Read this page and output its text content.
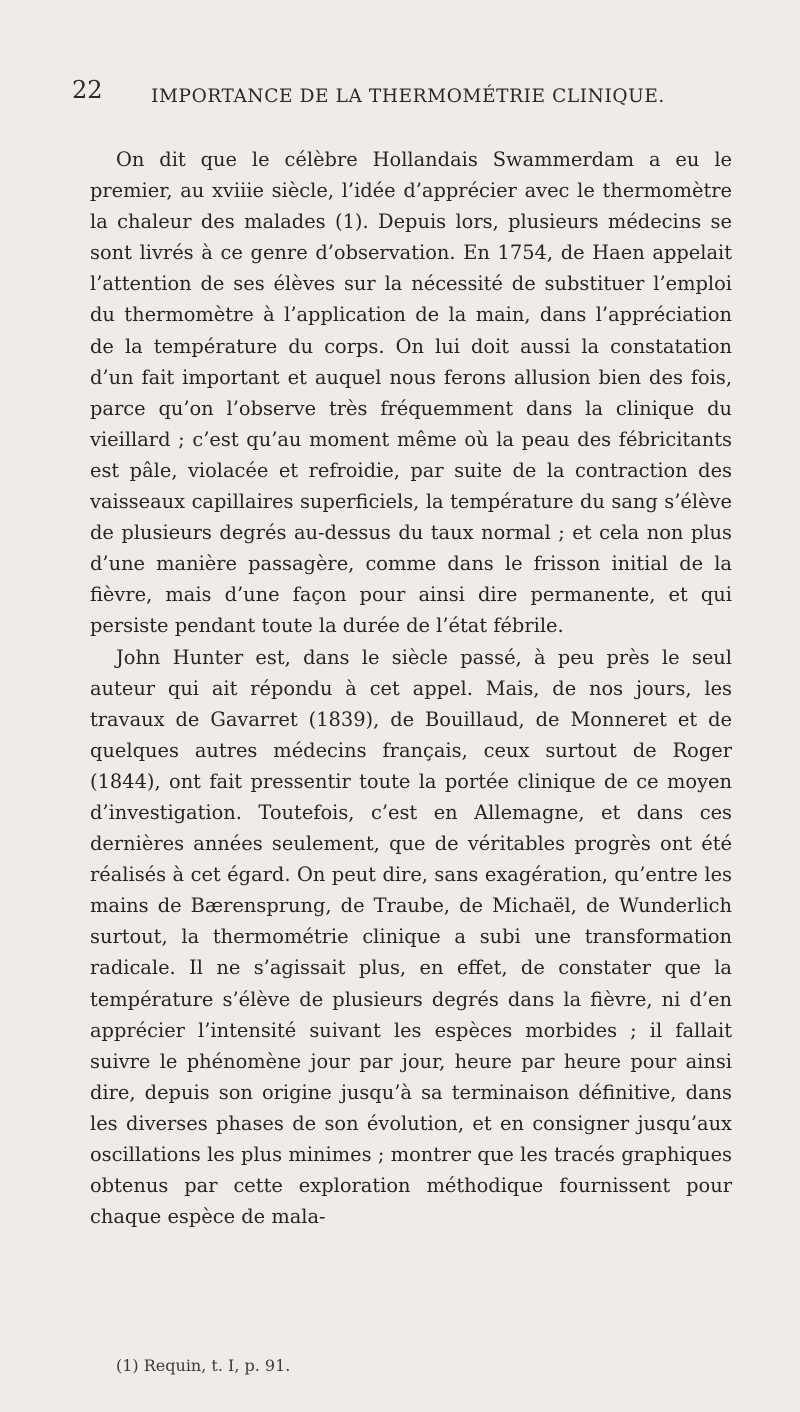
22	IMPORTANCE DE LA THERMOMÉTRIE CLINIQUE.

On dit que le célèbre Hollandais Swammerdam a eu le premier, au xviiie siècle, l’idée d’apprécier avec le thermomètre la chaleur des malades (1). Depuis lors, plusieurs médecins se sont livrés à ce genre d’observation. En 1754, de Haen appelait l’attention de ses élèves sur la nécessité de substituer l’emploi du thermomètre à l’application de la main, dans l’appréciation de la température du corps. On lui doit aussi la constatation d’un fait important et auquel nous ferons allusion bien des fois, parce qu’on l’observe très fréquemment dans la clinique du vieillard ; c’est qu’au moment même où la peau des fébricitants est pâle, violacée et refroidie, par suite de la contraction des vaisseaux capillaires superficiels, la température du sang s’élève de plusieurs degrés au-dessus du taux normal ; et cela non plus d’une manière passagère, comme dans le frisson initial de la fièvre, mais d’une façon pour ainsi dire permanente, et qui persiste pendant toute la durée de l’état fébrile.

John Hunter est, dans le siècle passé, à peu près le seul auteur qui ait répondu à cet appel. Mais, de nos jours, les travaux de Gavarret (1839), de Bouillaud, de Monneret et de quelques autres médecins français, ceux surtout de Roger (1844), ont fait pressentir toute la portée clinique de ce moyen d’investigation. Toutefois, c’est en Allemagne, et dans ces dernières années seulement, que de véritables progrès ont été réalisés à cet égard. On peut dire, sans exagération, qu’entre les mains de Bærensprung, de Traube, de Michaël, de Wunderlich surtout, la thermométrie clinique a subi une transformation radicale. Il ne s’agissait plus, en effet, de constater que la température s’élève de plusieurs degrés dans la fièvre, ni d’en apprécier l’intensité suivant les espèces morbides ; il fallait suivre le phénomène jour par jour, heure par heure pour ainsi dire, depuis son origine jusqu’à sa terminaison définitive, dans les diverses phases de son évolution, et en consigner jusqu’aux oscillations les plus minimes ; montrer que les tracés graphiques obtenus par cette exploration méthodique fournissent pour chaque espèce de mala-

(1) Requin, t. I, p. 91.
